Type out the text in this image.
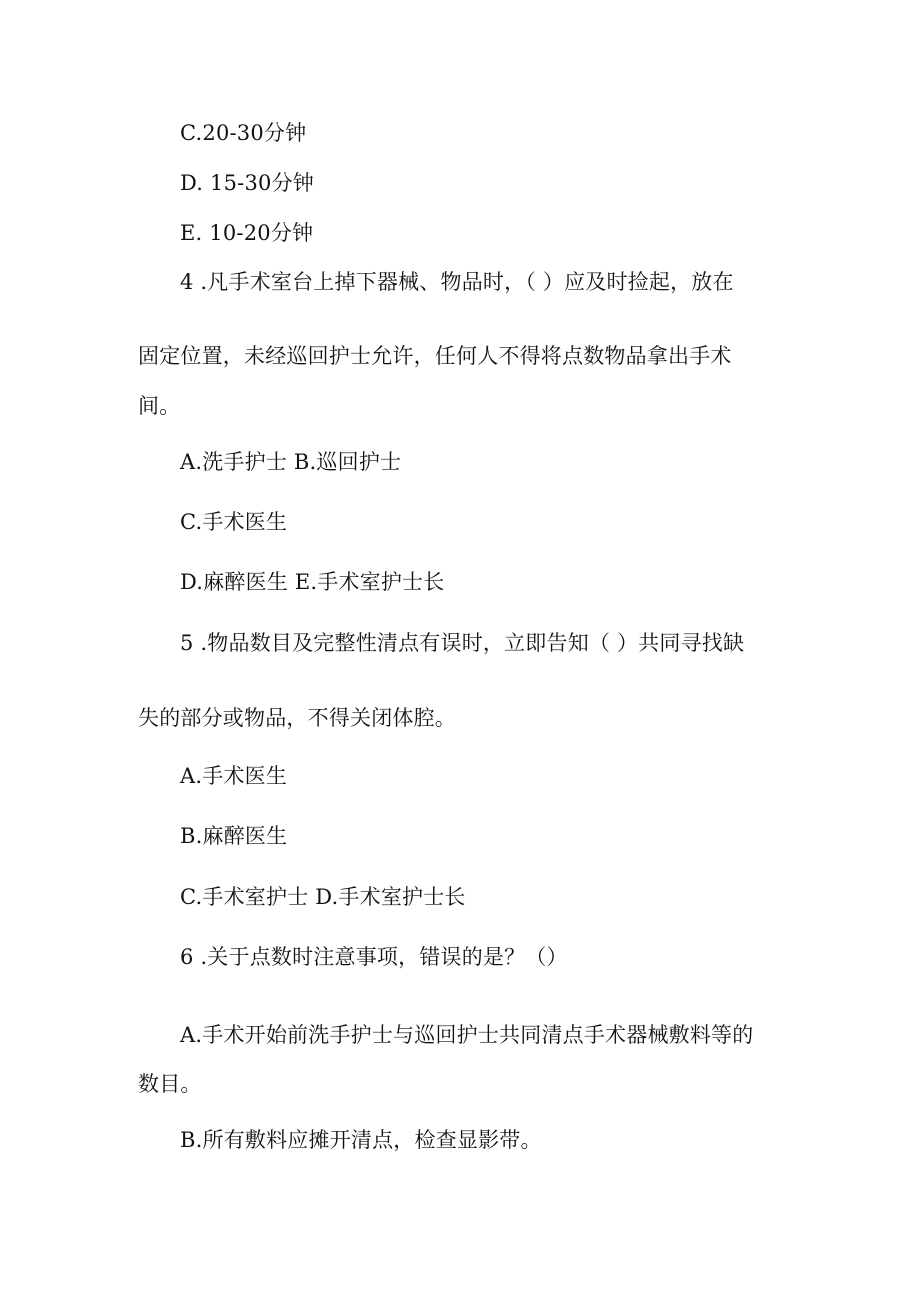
C.20-30分钟
D. 15-30分钟
E. 10-20分钟
4 .凡手术室台上掉下器械、物品时，（ ）应及时捡起，放在
固定位置，未经巡回护士允许，任何人不得将点数物品拿出手术
间。
A.洗手护士 B.巡回护士
C.手术医生
D.麻醉医生 E.手术室护士长
5 .物品数目及完整性清点有误时，立即告知（ ）共同寻找缺
失的部分或物品，不得关闭体腔。
A.手术医生
B.麻醉医生
C.手术室护士 D.手术室护士长
6 .关于点数时注意事项，错误的是？（）
A.手术开始前洗手护士与巡回护士共同清点手术器械敷料等的
数目。
B.所有敷料应摊开清点，检查显影带。
